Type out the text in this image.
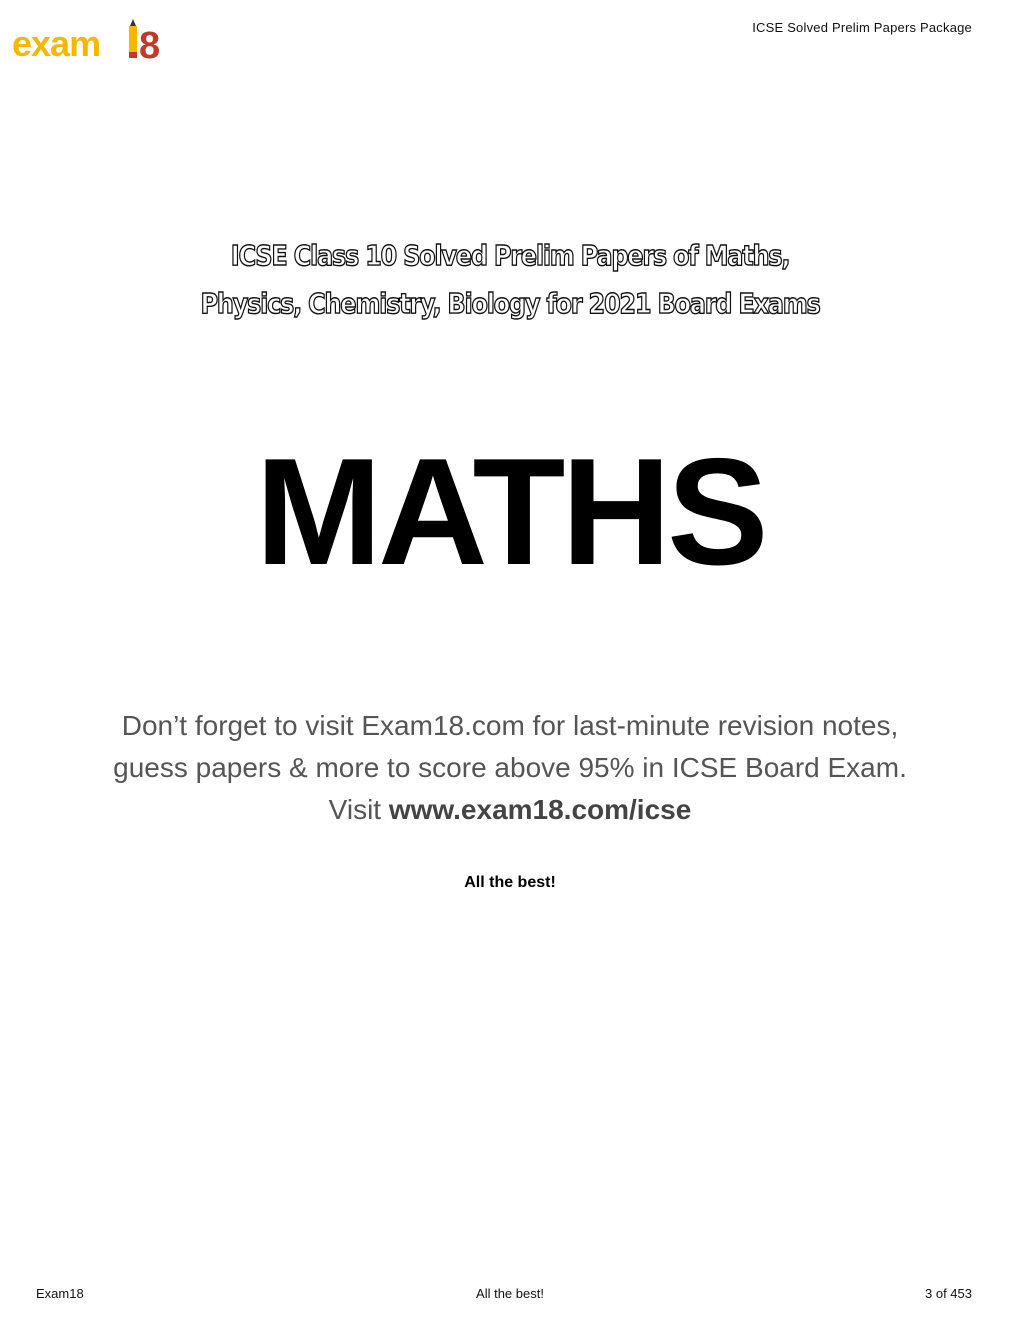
exam 8	ICSE Solved Prelim Papers Package
ICSE Class 10 Solved Prelim Papers of Maths,
Physics, Chemistry, Biology for 2021 Board Exams
MATHS
Don’t forget to visit Exam18.com for last-minute revision notes, guess papers & more to score above 95% in ICSE Board Exam. Visit www.exam18.com/icse
All the best!
Exam18	All the best!	3 of 453
